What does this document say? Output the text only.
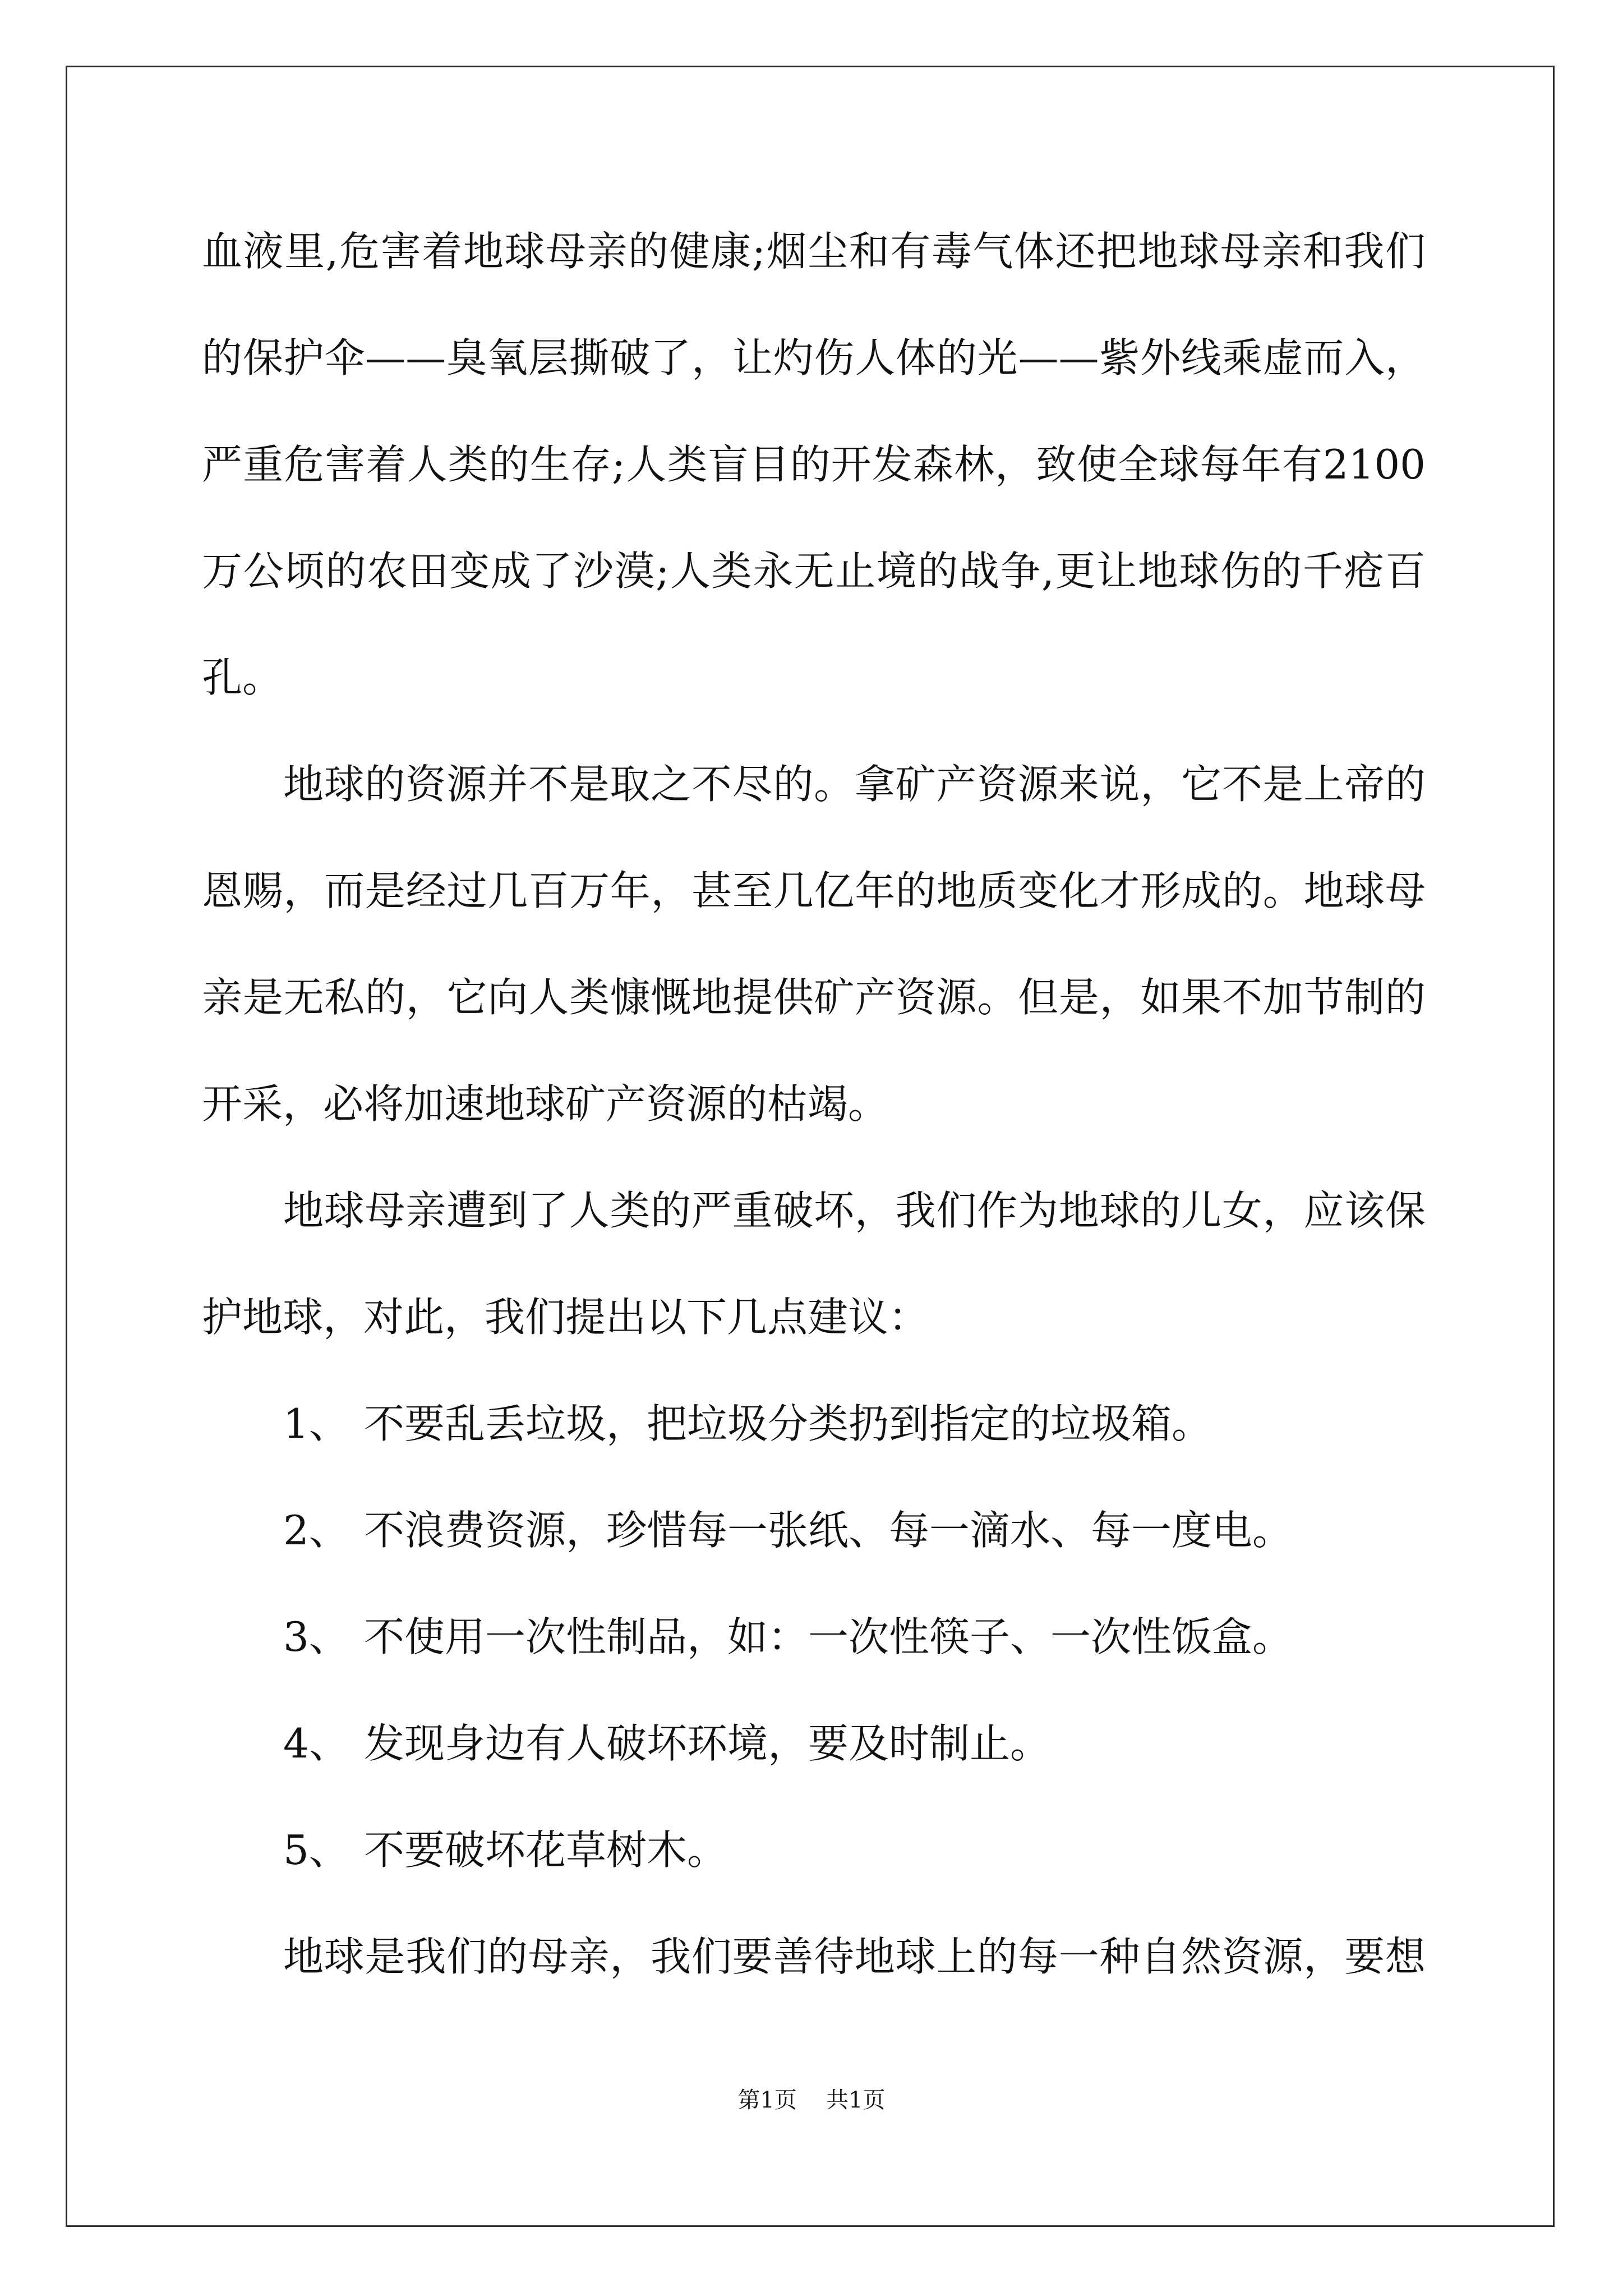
血液里,危害着地球母亲的健康;烟尘和有毒气体还把地球母亲和我们
的保护伞——臭氧层撕破了，让灼伤人体的光——紫外线乘虚而入，
严重危害着人类的生存;人类盲目的开发森林，致使全球每年有2100
万公顷的农田变成了沙漠;人类永无止境的战争,更让地球伤的千疮百
孔。
地球的资源并不是取之不尽的。拿矿产资源来说，它不是上帝的
恩赐，而是经过几百万年，甚至几亿年的地质变化才形成的。地球母
亲是无私的，它向人类慷慨地提供矿产资源。但是，如果不加节制的
开采，必将加速地球矿产资源的枯竭。
地球母亲遭到了人类的严重破坏，我们作为地球的儿女，应该保
护地球，对此，我们提出以下几点建议：
1、 不要乱丢垃圾，把垃圾分类扔到指定的垃圾箱。
2、 不浪费资源，珍惜每一张纸、每一滴水、每一度电。
3、 不使用一次性制品，如：一次性筷子、一次性饭盒。
4、 发现身边有人破坏环境，要及时制止。
5、 不要破坏花草树木。
地球是我们的母亲，我们要善待地球上的每一种自然资源，要想
第1页 共1页
